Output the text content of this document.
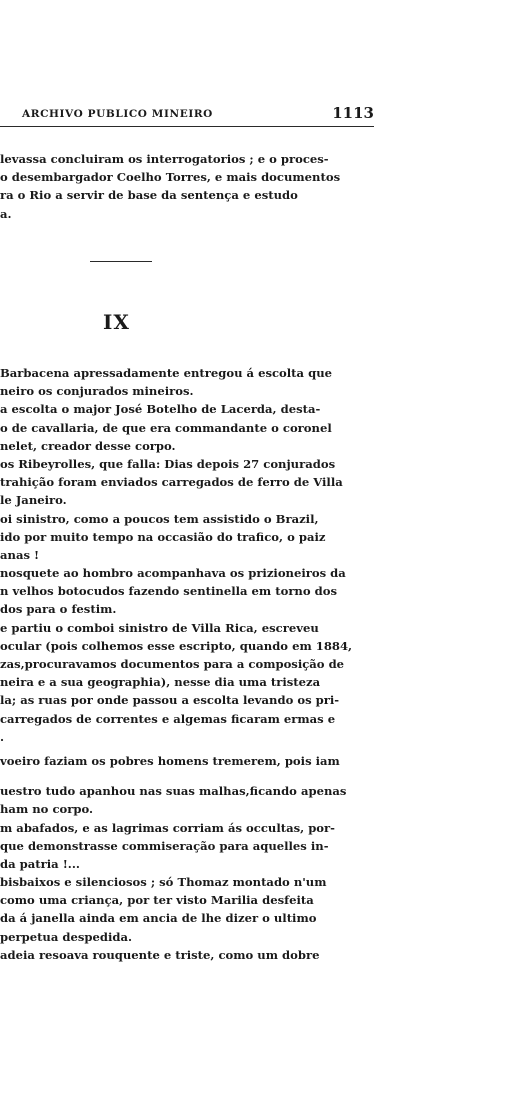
ARCHIVO PUBLICO MINEIRO	1113
levassa concluiram os interrogatorios ; e o proces-
o desembargador Coelho Torres, e mais documentos
ra o Rio a servir de base da sentença e estudo
a.
IX
Barbacena apressadamente entregou á escolta que
neiro os conjurados mineiros.
a escolta o major José Botelho de Lacerda, desta-
o de cavallaria, de que era commandante o coronel
nelet, creador desse corpo.
os Ribeyrolles, que falla: Dias depois 27 conjurados
trahição foram enviados carregados de ferro de Villa
le Janeiro.
oi sinistro, como a poucos tem assistido o Brazil,
ido por muito tempo na occasião do trafico, o paiz
anas !
nosquete ao hombro acompanhava os prizioneiros da
n velhos botocudos fazendo sentinella em torno dos
dos para o festim.
e partiu o comboi sinistro de Villa Rica, escreveu
ocular (pois colhemos esse escripto, quando em 1884,
zas,procuravamos documentos para a composição de
neira e a sua geographia), nesse dia uma tristeza
la; as ruas por onde passou a escolta levando os pri-
carregados de correntes e algemas ficaram ermas e
.
voeiro faziam os pobres homens tremerem, pois iam
uestro tudo apanhou nas suas malhas,ficando apenas
ham no corpo.
m abafados, e as lagrimas corriam ás occultas, por-
que demonstrasse commiseração para aquelles in-
da patria !...
bisbaixos e silenciosos ; só Thomaz montado n'um
como uma criança, por ter visto Marilia desfeita
da á janella ainda em ancia de lhe dizer o ultimo
perpetua despedida.
adeia resoava rouquente e triste, como um dobre
